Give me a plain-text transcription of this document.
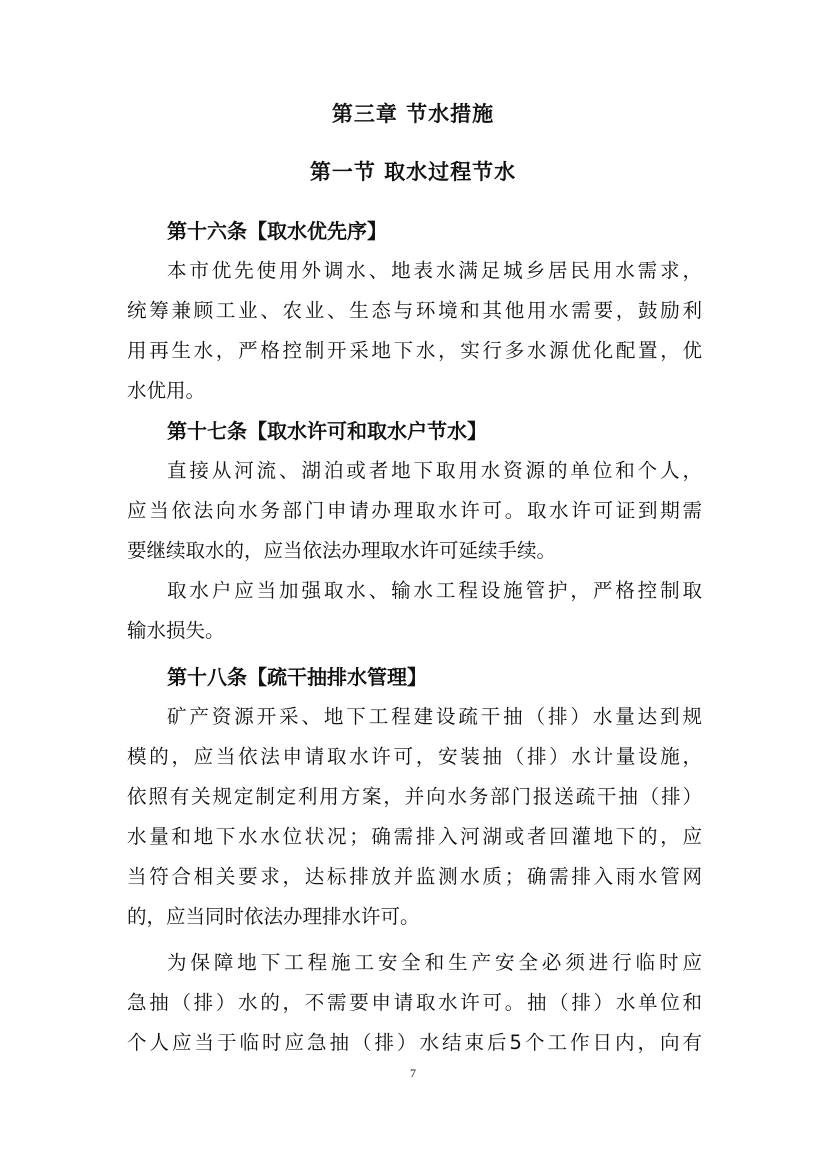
第三章 节水措施
第一节 取水过程节水
第十六条【取水优先序】
本市优先使用外调水、地表水满足城乡居民用水需求，
统筹兼顾工业、农业、生态与环境和其他用水需要，鼓励利
用再生水，严格控制开采地下水，实行多水源优化配置，优
水优用。
第十七条【取水许可和取水户节水】
直接从河流、湖泊或者地下取用水资源的单位和个人，
应当依法向水务部门申请办理取水许可。取水许可证到期需
要继续取水的，应当依法办理取水许可延续手续。
取水户应当加强取水、输水工程设施管护，严格控制取
输水损失。
第十八条【疏干抽排水管理】
矿产资源开采、地下工程建设疏干抽（排）水量达到规
模的，应当依法申请取水许可，安装抽（排）水计量设施，
依照有关规定制定利用方案，并向水务部门报送疏干抽（排）
水量和地下水水位状况；确需排入河湖或者回灌地下的，应
当符合相关要求，达标排放并监测水质；确需排入雨水管网
的，应当同时依法办理排水许可。
为保障地下工程施工安全和生产安全必须进行临时应
急抽（排）水的，不需要申请取水许可。抽（排）水单位和
个人应当于临时应急抽（排）水结束后5个工作日内，向有
7
